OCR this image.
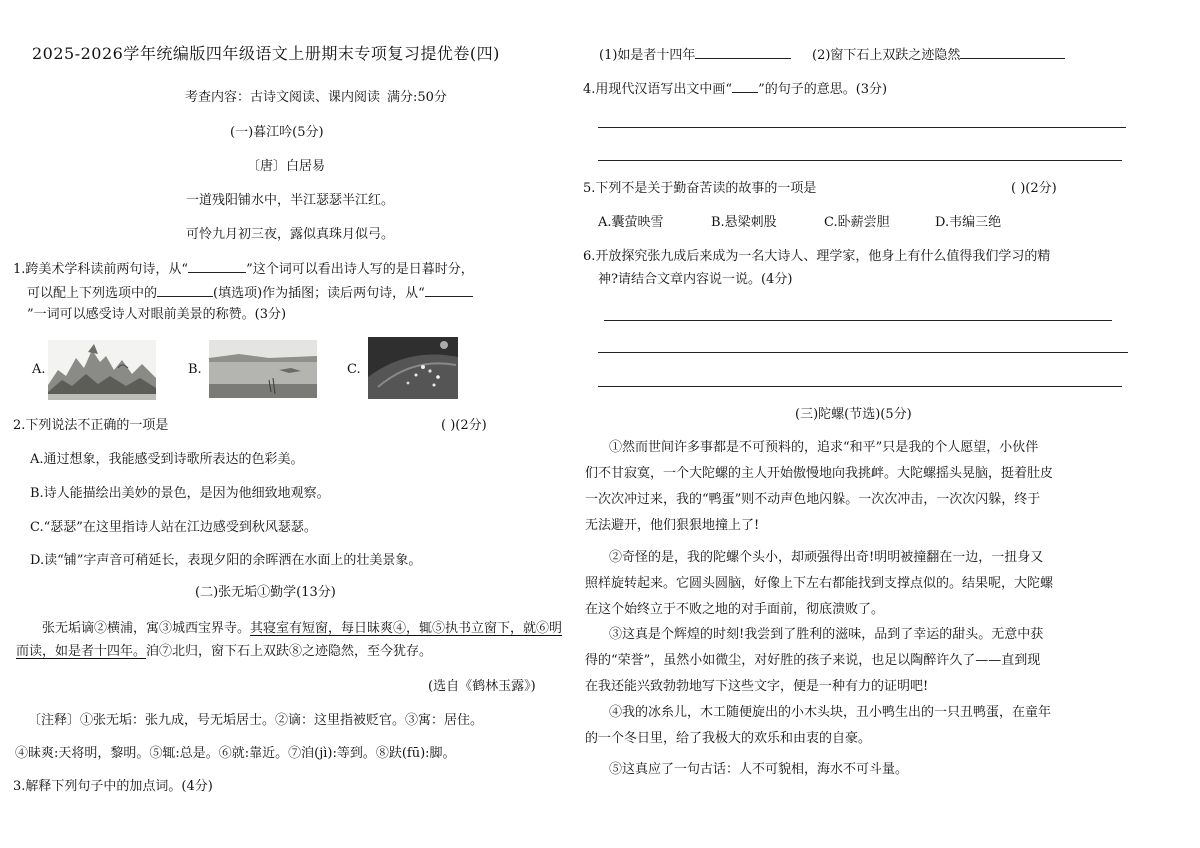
2025-2026学年统编版四年级语文上册期末专项复习提优卷(四)
考查内容：古诗文阅读、课内阅读 满分:50分
(一)暮江吟(5分)
〔唐〕白居易
一道残阳铺水中，半江瑟瑟半江红。
可怜九月初三夜，露似真珠月似弓。
1.跨美术学科读前两句诗，从“	”这个词可以看出诗人写的是日暮时分，
可以配上下列选项中的	(填选项)作为插图；读后两句诗，从“
”一词可以感受诗人对眼前美景的称赞。(3分)
A.	B.	C.
2.下列说法不正确的一项是	( )(2分)
A.通过想象，我能感受到诗歌所表达的色彩美。
B.诗人能描绘出美妙的景色，是因为他细致地观察。
C.“瑟瑟”在这里指诗人站在江边感受到秋风瑟瑟。
D.读“铺”字声音可稍延长，表现夕阳的余晖洒在水面上的壮美景象。
(二)张无垢①勤学(13分)
张无垢谪②横浦，寓③城西宝界寺。其寝室有短窗，每日昧爽④，辄⑤执书立窗下，就⑥明
而读，如是者十四年。洎⑦北归，窗下石上双趺⑧之迹隐然，至今犹存。
(选自《鹤林玉露》)
〔注释〕①张无垢：张九成，号无垢居士。②谪：这里指被贬官。③寓：居住。
④昧爽:天将明，黎明。⑤辄:总是。⑥就:靠近。⑦洎(jì):等到。⑧趺(fū):脚。
3.解释下列句子中的加点词。(4分)
(1)如是者十四年	(2)窗下石上双趺之迹隐然
4.用现代汉语写出文中画“ ”的句子的意思。(3分)
5.下列不是关于勤奋苦读的故事的一项是	( )(2分)
A.囊萤映雪	B.悬梁刺股	C.卧薪尝胆	D.韦编三绝
6.开放探究张九成后来成为一名大诗人、理学家，他身上有什么值得我们学习的精
神?请结合文章内容说一说。(4分)
(三)陀螺(节选)(5分)
①然而世间许多事都是不可预料的，追求“和平”只是我的个人愿望，小伙伴
们不甘寂寞，一个大陀螺的主人开始傲慢地向我挑衅。大陀螺摇头晃脑，挺着肚皮
一次次冲过来，我的“鸭蛋”则不动声色地闪躲。一次次冲击，一次次闪躲，终于
无法避开，他们狠狠地撞上了!
②奇怪的是，我的陀螺个头小，却顽强得出奇!明明被撞翻在一边，一扭身又
照样旋转起来。它圆头圆脑，好像上下左右都能找到支撑点似的。结果呢，大陀螺
在这个始终立于不败之地的对手面前，彻底溃败了。
③这真是个辉煌的时刻!我尝到了胜利的滋味，品到了幸运的甜头。无意中获
得的“荣誉”，虽然小如微尘，对好胜的孩子来说，也足以陶醉许久了——直到现
在我还能兴致勃勃地写下这些文字，便是一种有力的证明吧!
④我的冰糸儿，木工随便旋出的小木头块，丑小鸭生出的一只丑鸭蛋，在童年
的一个冬日里，给了我极大的欢乐和由衷的自豪。
⑤这真应了一句古话：人不可貌相，海水不可斗量。
